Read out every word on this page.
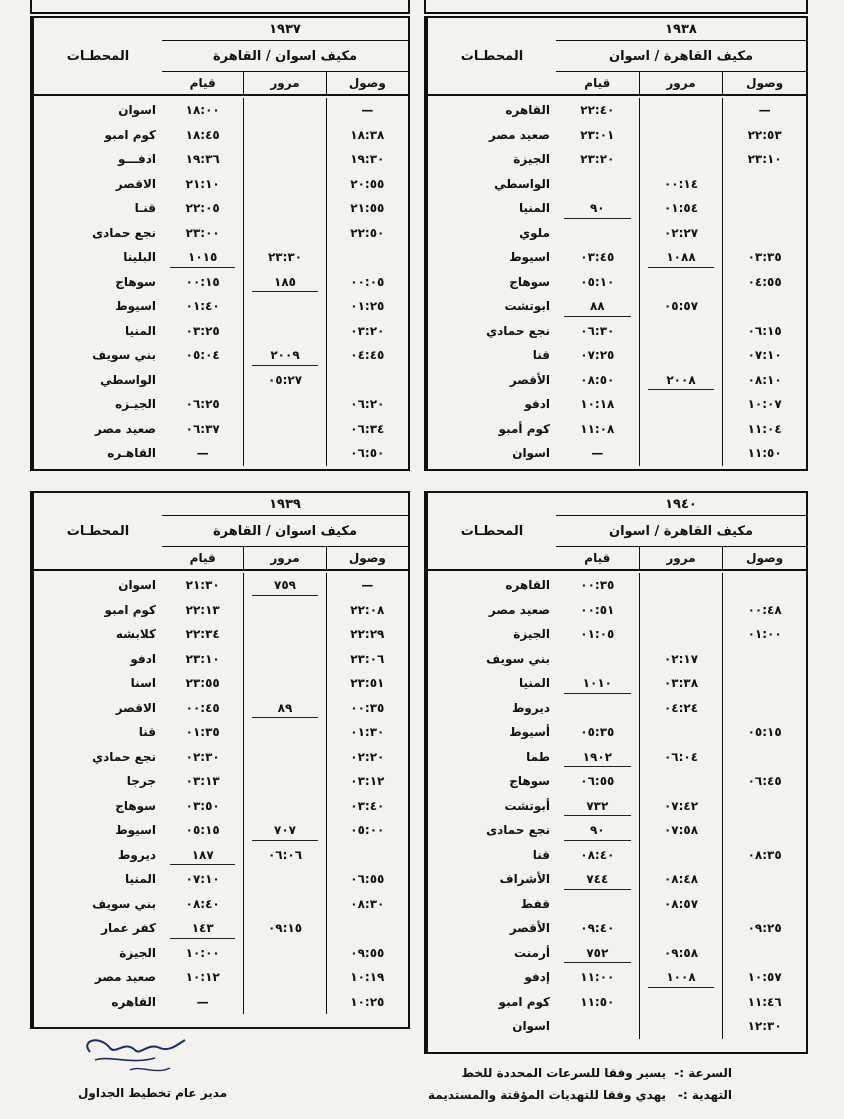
المحطـات
اسوان
كوم امبو
ادفـــو
الاقصر
قنـا
نجع حمادى
البلينا
سوهاج
اسيوط
المنيا
بني سويف
الواسطي
الجيـزه
صعيد مصر
القاهـره
١٩٣٧
مكيف اسوان / القاهرة
وصول
مرور
قيام
—
١٨:٠٠
١٨:٣٨
١٨:٤٥
١٩:٣٠
١٩:٣٦
٢٠:٥٥
٢١:١٠
٢١:٥٥
٢٢:٠٥
٢٢:٥٠
٢٣:٠٠
٢٣:٣٠
١٠١٥
٠٠:٠٥
١٨٥
٠٠:١٥
٠١:٢٥
٠١:٤٠
٠٣:٢٠
٠٣:٢٥
٠٤:٤٥
٢٠٠٩
٠٥:٠٤
٠٥:٢٧
٠٦:٢٠
٠٦:٢٥
٠٦:٣٤
٠٦:٣٧
٠٦:٥٠
—
المحطـات
القاهره
صعيد مصر
الجيزة
الواسطي
المنيا
ملوي
اسيوط
سوهاج
ابوتشت
نجع حمادي
قنا
الأقصر
ادفو
كوم أمبو
اسوان
١٩٣٨
مكيف القاهرة / اسوان
وصول
مرور
قيام
—
٢٢:٤٠
٢٢:٥٣
٢٣:٠١
٢٣:١٠
٢٣:٢٠
٠٠:١٤
٠١:٥٤
٩٠
٠٢:٢٧
٠٣:٣٥
١٠٨٨
٠٣:٤٥
٠٤:٥٥
٠٥:١٠
٠٥:٥٧
٨٨
٠٦:١٥
٠٦:٣٠
٠٧:١٠
٠٧:٢٥
٠٨:١٠
٢٠٠٨
٠٨:٥٠
١٠:٠٧
١٠:١٨
١١:٠٤
١١:٠٨
١١:٥٠
—
المحطـات
اسوان
كوم امبو
كلابشه
ادفو
اسنا
الاقصر
قنا
نجع حمادي
جرجا
سوهاج
اسيوط
ديروط
المنيا
بني سويف
كفر عمار
الجيزة
صعيد مصر
القاهره
١٩٣٩
مكيف اسوان / القاهرة
وصول
مرور
قيام
—
٧٥٩
٢١:٣٠
٢٢:٠٨
٢٢:١٣
٢٢:٢٩
٢٢:٣٤
٢٣:٠٦
٢٣:١٠
٢٣:٥١
٢٣:٥٥
٠٠:٣٥
٨٩
٠٠:٤٥
٠١:٣٠
٠١:٣٥
٠٢:٢٠
٠٢:٣٠
٠٣:١٢
٠٣:١٣
٠٣:٤٠
٠٣:٥٠
٠٥:٠٠
٧٠٧
٠٥:١٥
٠٦:٠٦
١٨٧
٠٦:٥٥
٠٧:١٠
٠٨:٣٠
٠٨:٤٠
٠٩:١٥
١٤٣
٠٩:٥٥
١٠:٠٠
١٠:١٩
١٠:١٢
١٠:٢٥
—
المحطـات
القاهره
صعيد مصر
الجيزة
بني سويف
المنيا
ديروط
أسيوط
طما
سوهاج
أبوتشت
نجع حمادى
قنا
الأشراف
قفط
الأقصر
أرمنت
إدفو
كوم امبو
اسوان
١٩٤٠
مكيف القاهرة / اسوان
وصول
مرور
قيام
٠٠:٣٥
٠٠:٤٨
٠٠:٥١
٠١:٠٠
٠١:٠٥
٠٢:١٧
٠٣:٣٨
١٠١٠
٠٤:٢٤
٠٥:١٥
٠٥:٣٥
٠٦:٠٤
١٩٠٢
٠٦:٤٥
٠٦:٥٥
٠٧:٤٢
٧٣٢
٠٧:٥٨
٩٠
٠٨:٣٥
٠٨:٤٠
٠٨:٤٨
٧٤٤
٠٨:٥٧
٠٩:٢٥
٠٩:٤٠
٠٩:٥٨
٧٥٢
١٠:٥٧
١٠٠٨
١١:٠٠
١١:٤٦
١١:٥٠
١٢:٣٠
السرعة :-
يسير وفقا للسرعات المحددة للخط
التهدية :-
يهدي وفقا للتهديات المؤقتة والمستديمة
مدير عام تخطيط الجداول
